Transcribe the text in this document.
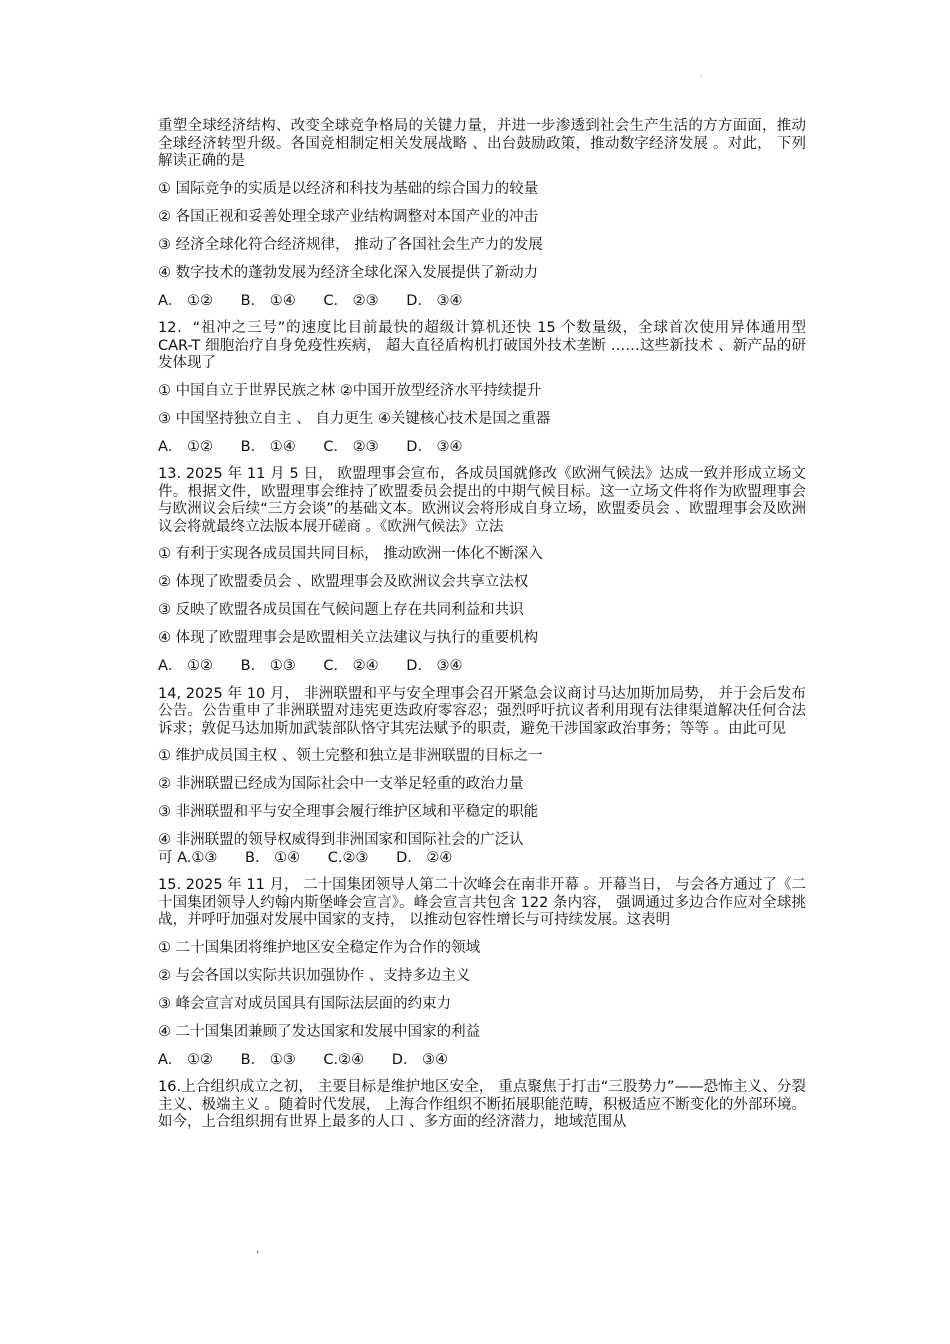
·

重塑全球经济结构、改变全球竞争格局的关键力量，并进一步渗透到社会生产生活的方方面面，推动全球经济转型升级。各国竞相制定相关发展战略 、出台鼓励政策，推动数字经济发展 。对此， 下列解读正确的是

① 国际竞争的实质是以经济和科技为基础的综合国力的较量

② 各国正视和妥善处理全球产业结构调整对本国产业的冲击

③ 经济全球化符合经济规律， 推动了各国社会生产力的发展

④ 数字技术的蓬勃发展为经济全球化深入发展提供了新动力

A． ①②      B． ①④      C． ②③      D． ③④

12．“祖冲之三号”的速度比目前最快的超级计算机还快 15 个数量级，全球首次使用异体通用型 CAR-T 细胞治疗自身免疫性疾病， 超大直径盾构机打破国外技术垄断 ……这些新技术 、新产品的研发体现了

① 中国自立于世界民族之林 ②中国开放型经济水平持续提升

③ 中国坚持独立自主 、 自力更生 ④关键核心技术是国之重器

A． ①②      B． ①④      C． ②③      D． ③④

13. 2025 年 11 月 5 日， 欧盟理事会宣布，各成员国就修改《欧洲气候法》达成一致并形成立场文件。根据文件，欧盟理事会维持了欧盟委员会提出的中期气候目标。这一立场文件将作为欧盟理事会与欧洲议会后续“三方会谈”的基础文本。欧洲议会将形成自身立场，欧盟委员会 、欧盟理事会及欧洲议会将就最终立法版本展开磋商 。《欧洲气候法》立法

① 有利于实现各成员国共同目标， 推动欧洲一体化不断深入

② 体现了欧盟委员会 、欧盟理事会及欧洲议会共享立法权

③ 反映了欧盟各成员国在气候问题上存在共同利益和共识

④ 体现了欧盟理事会是欧盟相关立法建议与执行的重要机构

A． ①②      B． ①③      C． ②④      D． ③④

14, 2025 年 10 月， 非洲联盟和平与安全理事会召开紧急会议商讨马达加斯加局势， 并于会后发布公告。公告重申了非洲联盟对违宪更迭政府零容忍；强烈呼吁抗议者利用现有法律渠道解决任何合法诉求；敦促马达加斯加武装部队恪守其宪法赋予的职责，避免干涉国家政治事务；等等 。由此可见

① 维护成员国主权 、领土完整和独立是非洲联盟的目标之一

② 非洲联盟已经成为国际社会中一支举足轻重的政治力量

③ 非洲联盟和平与安全理事会履行维护区域和平稳定的职能

④ 非洲联盟的领导权威得到非洲国家和国际社会的广泛认

可 A.①③      B． ①④      C.②③      D． ②④

15. 2025 年 11 月， 二十国集团领导人第二十次峰会在南非开幕 。开幕当日， 与会各方通过了《二十国集团领导人约翰内斯堡峰会宣言》。峰会宣言共包含 122 条内容， 强调通过多边合作应对全球挑战，并呼吁加强对发展中国家的支持， 以推动包容性增长与可持续发展。这表明

① 二十国集团将维护地区安全稳定作为合作的领域

② 与会各国以实际共识加强协作 、支持多边主义

③ 峰会宣言对成员国具有国际法层面的约束力

④ 二十国集团兼顾了发达国家和发展中国家的利益

A． ①②      B． ①③      C.②④      D． ③④

16.上合组织成立之初， 主要目标是维护地区安全， 重点聚焦于打击“三股势力”——恐怖主义、分裂主义、极端主义 。随着时代发展， 上海合作组织不断拓展职能范畴，积极适应不断变化的外部环境。如今，上合组织拥有世界上最多的人口 、多方面的经济潜力，地域范围从

，
